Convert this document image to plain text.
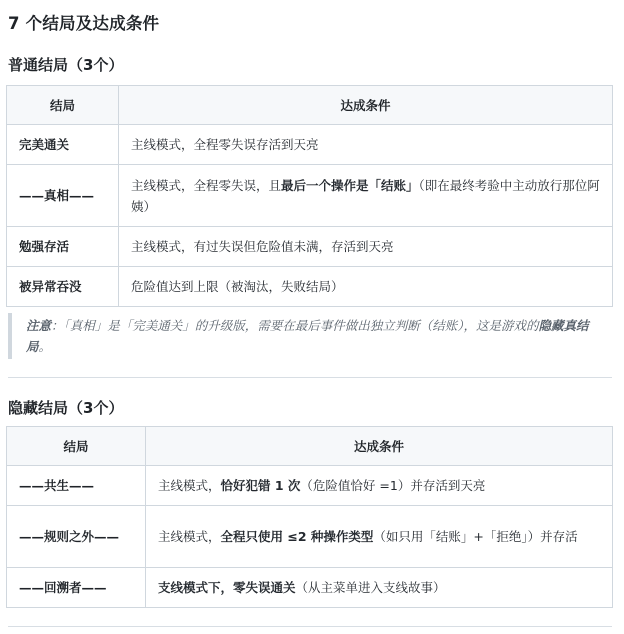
7 个结局及达成条件
普通结局（3个）
结局	达成条件
完美通关	主线模式，全程零失误存活到天亮
——真相——	主线模式，全程零失误，且最后一个操作是「结账」（即在最终考验中主动放行那位阿姨）
勉强存活	主线模式，有过失误但危险值未满，存活到天亮
被异常吞没	危险值达到上限（被淘汰，失败结局）
注意：「真相」是「完美通关」的升级版，需要在最后事件做出独立判断（结账），这是游戏的隐藏真结局。
隐藏结局（3个）
结局	达成条件
——共生——	主线模式，恰好犯错 1 次（危险值恰好 =1）并存活到天亮
——规则之外——	主线模式，全程只使用 ≤2 种操作类型（如只用「结账」+「拒绝」）并存活
——回溯者——	支线模式下，零失误通关（从主菜单进入支线故事）
